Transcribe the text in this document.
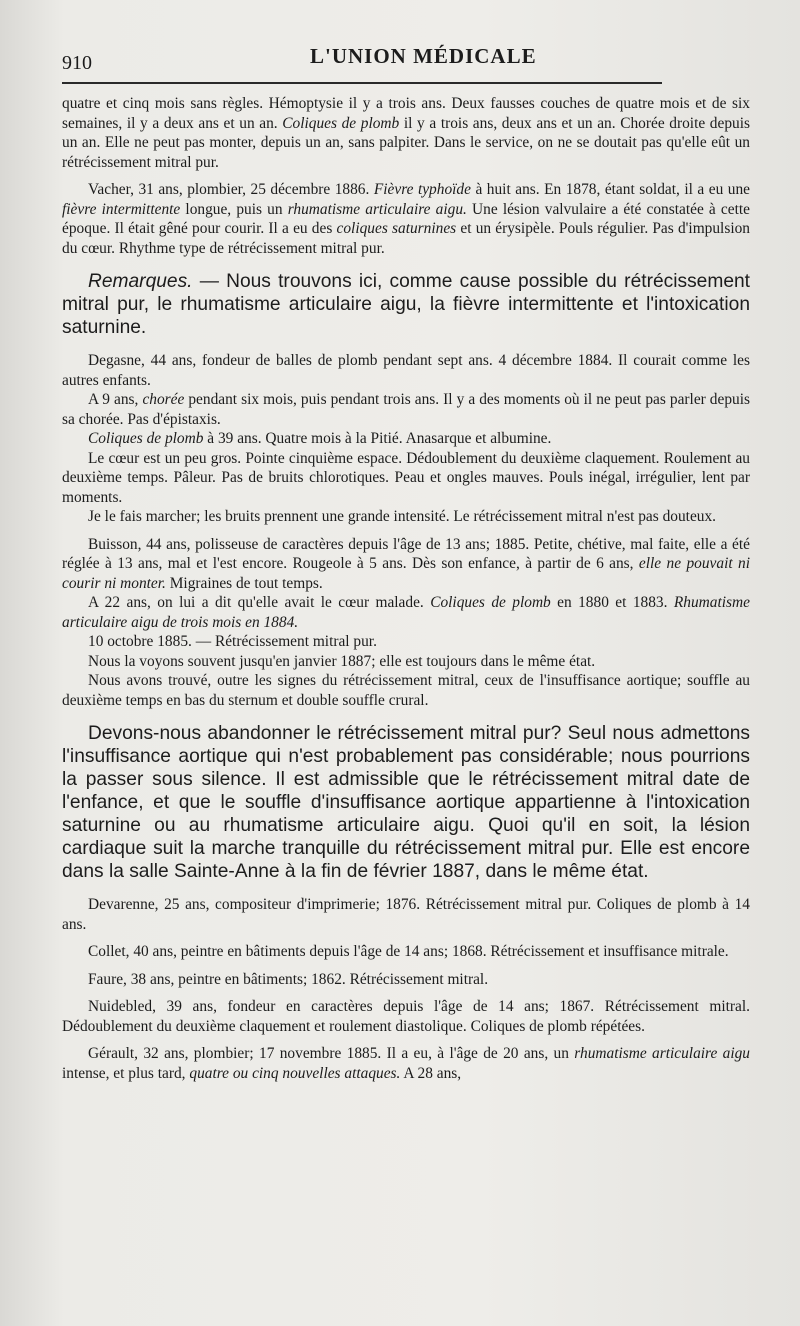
910	L'UNION MÉDICALE

quatre et cinq mois sans règles. Hémoptysie il y a trois ans. Deux fausses couches de quatre mois et de six semaines, il y a deux ans et un an. Coliques de plomb il y a trois ans, deux ans et un an. Chorée droite depuis un an. Elle ne peut pas monter, depuis un an, sans palpiter. Dans le service, on ne se doutait pas qu'elle eût un rétrécissement mitral pur.

Vacher, 31 ans, plombier, 25 décembre 1886. Fièvre typhoïde à huit ans. En 1878, étant soldat, il a eu une fièvre intermittente longue, puis un rhumatisme articulaire aigu. Une lésion valvulaire a été constatée à cette époque. Il était gêné pour courir. Il a eu des coliques saturnines et un érysipèle. Pouls régulier. Pas d'impulsion du cœur. Rhythme type de rétrécissement mitral pur.

Remarques. — Nous trouvons ici, comme cause possible du rétrécissement mitral pur, le rhumatisme articulaire aigu, la fièvre intermittente et l'intoxication saturnine.

Degasne, 44 ans, fondeur de balles de plomb pendant sept ans. 4 décembre 1884. Il courait comme les autres enfants.

A 9 ans, chorée pendant six mois, puis pendant trois ans. Il y a des moments où il ne peut pas parler depuis sa chorée. Pas d'épistaxis.

Coliques de plomb à 39 ans. Quatre mois à la Pitié. Anasarque et albumine.

Le cœur est un peu gros. Pointe cinquième espace. Dédoublement du deuxième claquement. Roulement au deuxième temps. Pâleur. Pas de bruits chlorotiques. Peau et ongles mauves. Pouls inégal, irrégulier, lent par moments.

Je le fais marcher; les bruits prennent une grande intensité. Le rétrécissement mitral n'est pas douteux.

Buisson, 44 ans, polisseuse de caractères depuis l'âge de 13 ans; 1885. Petite, chétive, mal faite, elle a été réglée à 13 ans, mal et l'est encore. Rougeole à 5 ans. Dès son enfance, à partir de 6 ans, elle ne pouvait ni courir ni monter. Migraines de tout temps.

A 22 ans, on lui a dit qu'elle avait le cœur malade. Coliques de plomb en 1880 et 1883. Rhumatisme articulaire aigu de trois mois en 1884.

10 octobre 1885. — Rétrécissement mitral pur.

Nous la voyons souvent jusqu'en janvier 1887; elle est toujours dans le même état.

Nous avons trouvé, outre les signes du rétrécissement mitral, ceux de l'insuffisance aortique; souffle au deuxième temps en bas du sternum et double souffle crural.

Devons-nous abandonner le rétrécissement mitral pur? Seul nous admettons l'insuffisance aortique qui n'est probablement pas considérable; nous pourrions la passer sous silence. Il est admissible que le rétrécissement mitral date de l'enfance, et que le souffle d'insuffisance aortique appartienne à l'intoxication saturnine ou au rhumatisme articulaire aigu. Quoi qu'il en soit, la lésion cardiaque suit la marche tranquille du rétrécissement mitral pur. Elle est encore dans la salle Sainte-Anne à la fin de février 1887, dans le même état.

Devarenne, 25 ans, compositeur d'imprimerie; 1876. Rétrécissement mitral pur. Coliques de plomb à 14 ans.

Collet, 40 ans, peintre en bâtiments depuis l'âge de 14 ans; 1868. Rétrécissement et insuffisance mitrale.

Faure, 38 ans, peintre en bâtiments; 1862. Rétrécissement mitral.

Nuidebled, 39 ans, fondeur en caractères depuis l'âge de 14 ans; 1867. Rétrécissement mitral. Dédoublement du deuxième claquement et roulement diastolique. Coliques de plomb répétées.

Gérault, 32 ans, plombier; 17 novembre 1885. Il a eu, à l'âge de 20 ans, un rhumatisme articulaire aigu intense, et plus tard, quatre ou cinq nouvelles attaques. A 28 ans,
